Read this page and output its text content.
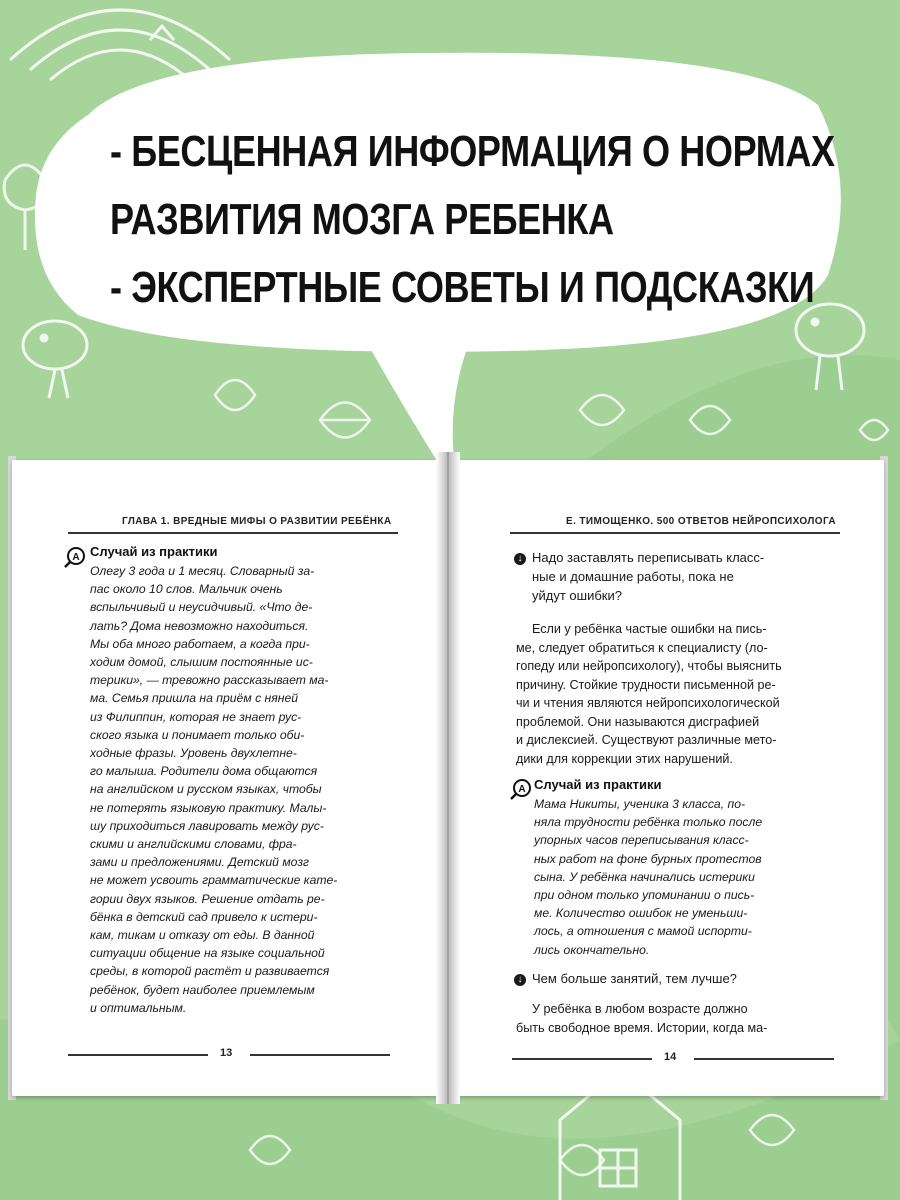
- БЕСЦЕННАЯ ИНФОРМАЦИЯ О НОРМАХ
РАЗВИТИЯ МОЗГА РЕБЕНКА
- ЭКСПЕРТНЫЕ СОВЕТЫ И ПОДСКАЗКИ
ГЛАВА 1. ВРЕДНЫЕ МИФЫ О РАЗВИТИИ РЕБЁНКА
A Случай из практики
Олегу 3 года и 1 месяц. Словарный за-
пас около 10 слов. Мальчик очень
вспыльчивый и неусидчивый. «Что де-
лать? Дома невозможно находиться.
Мы оба много работаем, а когда при-
ходим домой, слышим постоянные ис-
терики», — тревожно рассказывает ма-
ма. Семья пришла на приём с няней
из Филиппин, которая не знает рус-
ского языка и понимает только оби-
ходные фразы. Уровень двухлетне-
го малыша. Родители дома общаются
на английском и русском языках, чтобы
не потерять языковую практику. Малы-
шу приходиться лавировать между рус-
скими и английскими словами, фра-
зами и предложениями. Детский мозг
не может усвоить грамматические кате-
гории двух языков. Решение отдать ре-
бёнка в детский сад привело к истери-
кам, тикам и отказу от еды. В данной
ситуации общение на языке социальной
среды, в которой растёт и развивается
ребёнок, будет наиболее приемлемым
и оптимальным.
13
Е. ТИМОЩЕНКО. 500 ОТВЕТОВ НЕЙРОПСИХОЛОГА
↓ Надо заставлять переписывать класс-
ные и домашние работы, пока не
уйдут ошибки?
Если у ребёнка частые ошибки на пись-
ме, следует обратиться к специалисту (ло-
гопеду или нейропсихологу), чтобы выяснить
причину. Стойкие трудности письменной ре-
чи и чтения являются нейропсихологической
проблемой. Они называются дисграфией
и дислексией. Существуют различные мето-
дики для коррекции этих нарушений.
A Случай из практики
Мама Никиты, ученика 3 класса, по-
няла трудности ребёнка только после
упорных часов переписывания класс-
ных работ на фоне бурных протестов
сына. У ребёнка начинались истерики
при одном только упоминании о пись-
ме. Количество ошибок не уменьши-
лось, а отношения с мамой испорти-
лись окончательно.
↓ Чем больше занятий, тем лучше?
У ребёнка в любом возрасте должно
быть свободное время. Истории, когда ма-
14
